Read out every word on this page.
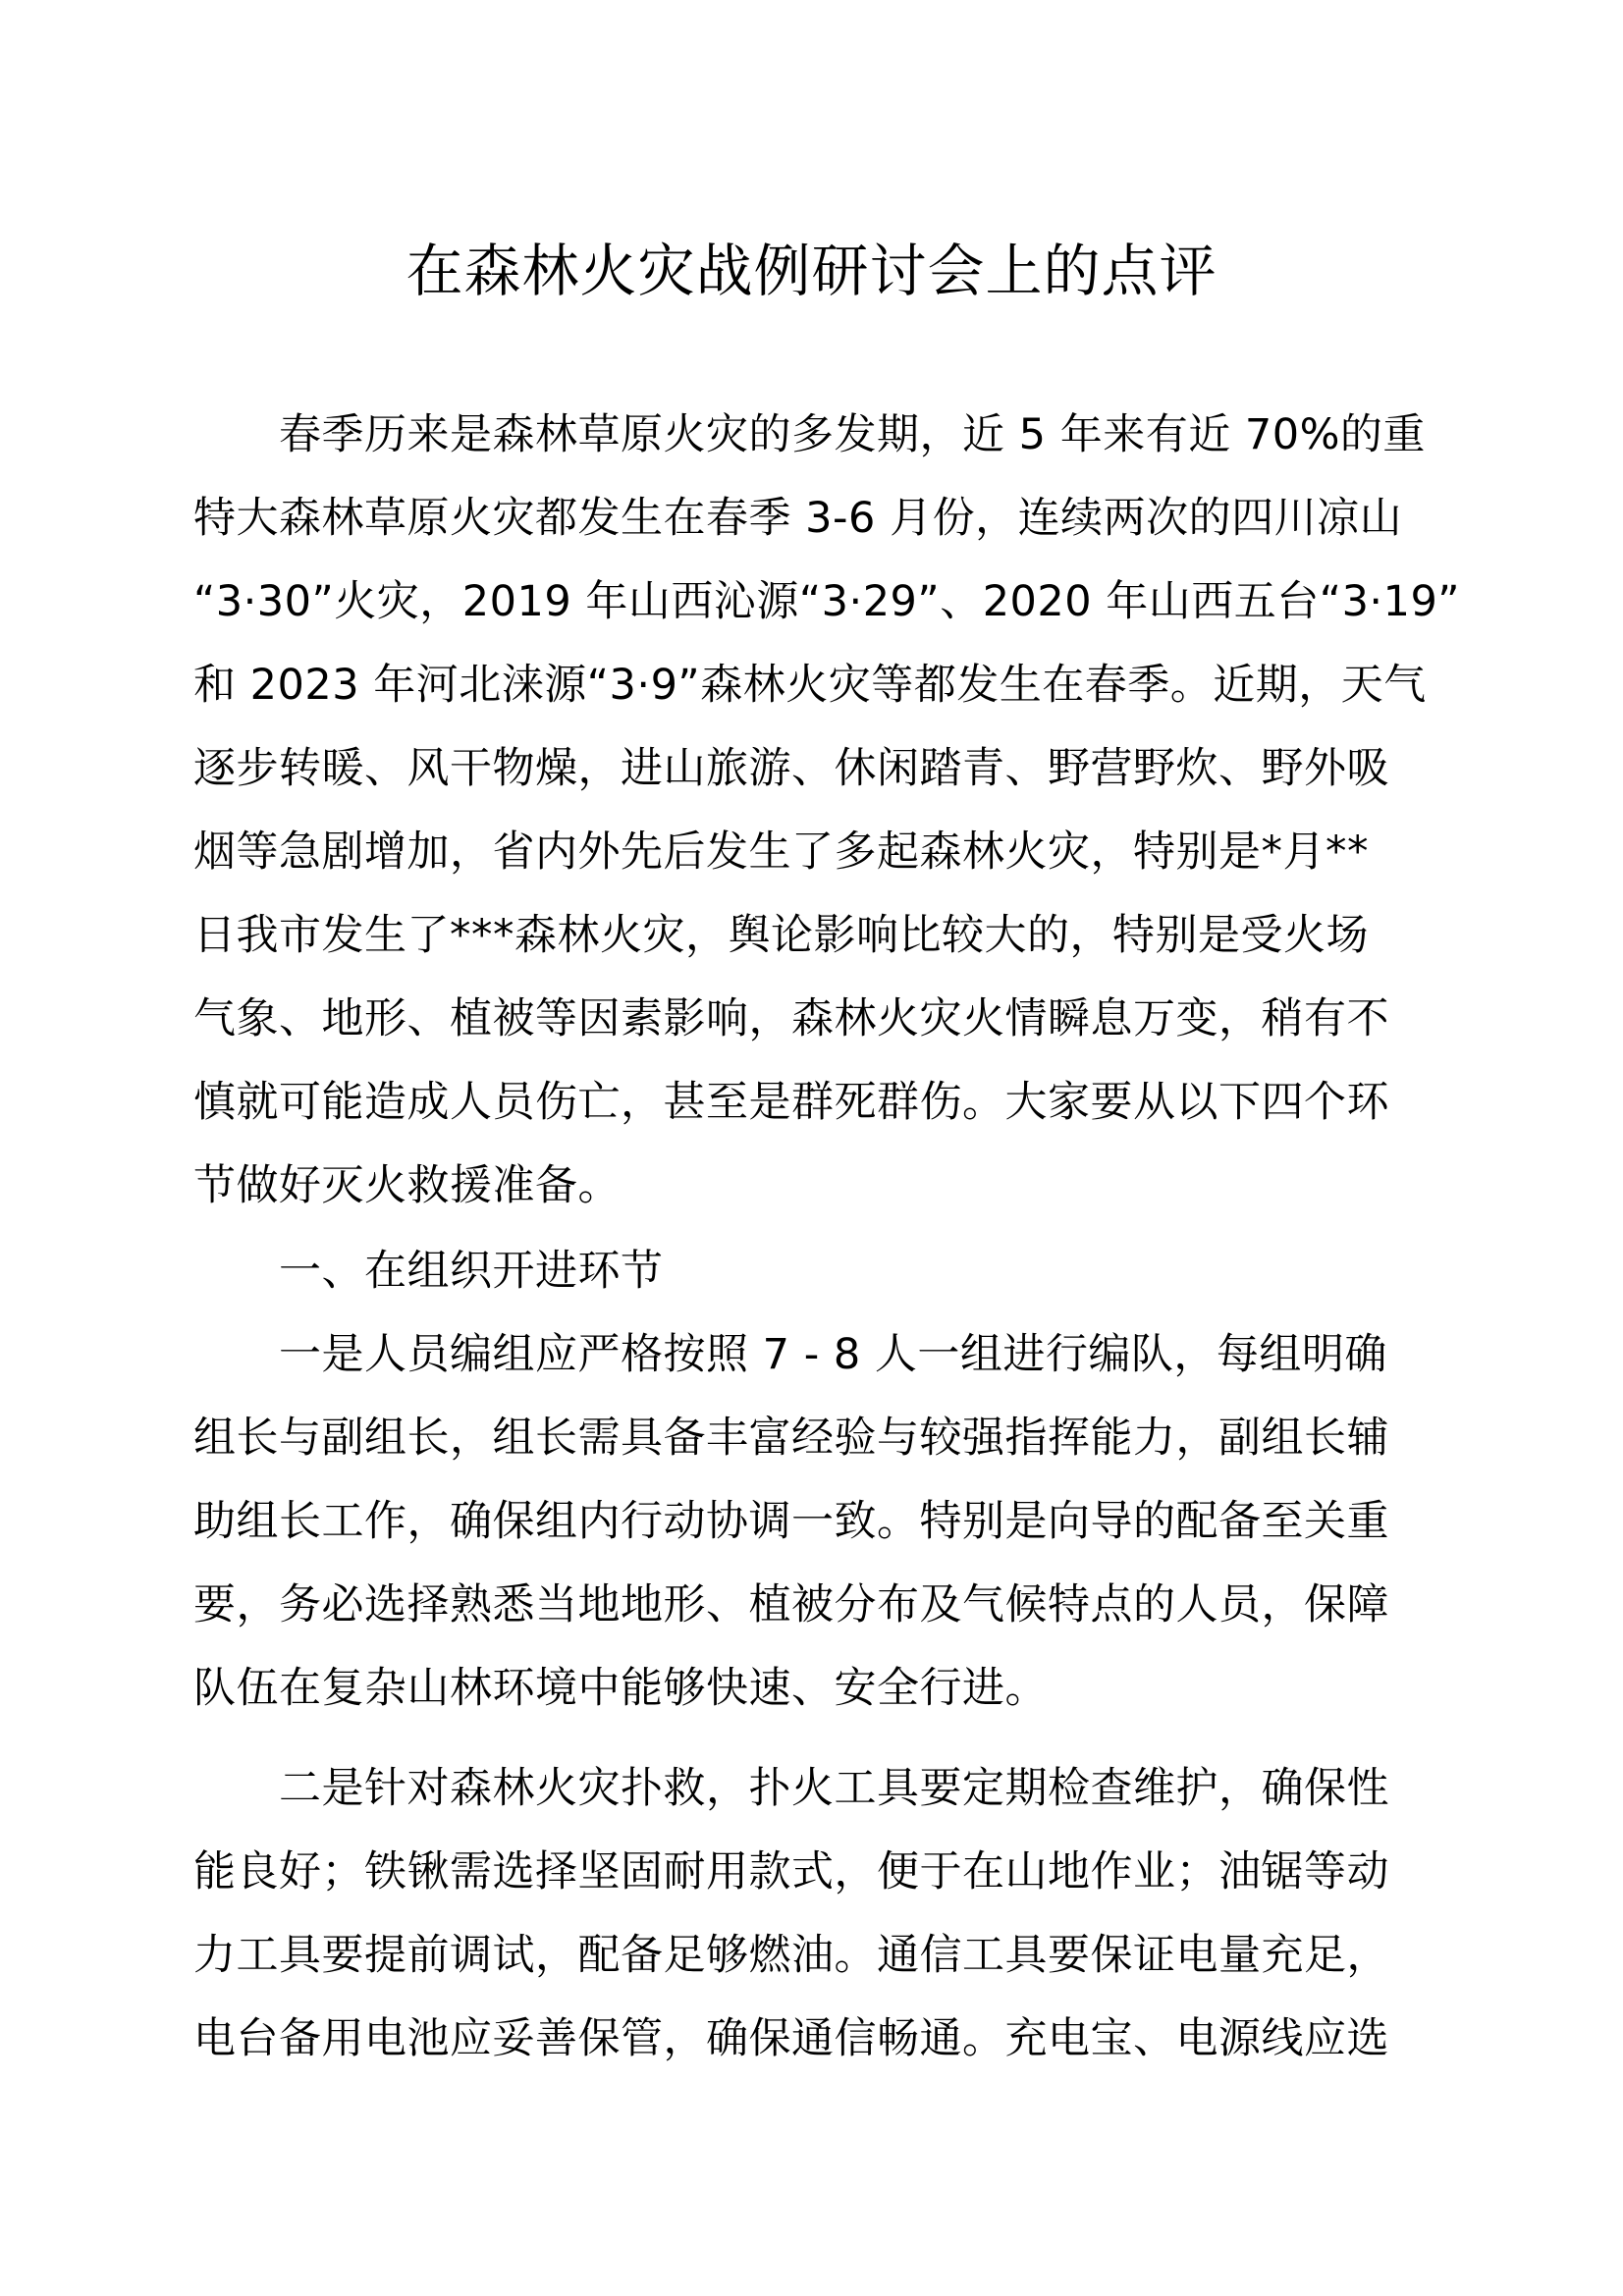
在森林火灾战例研讨会上的点评
春季历来是森林草原火灾的多发期，近 5 年来有近 70%的重
特大森林草原火灾都发生在春季 3-6 月份，连续两次的四川凉山
“3·30”火灾，2019 年山西沁源“3·29”、2020 年山西五台“3·19”
和 2023 年河北涞源“3·9”森林火灾等都发生在春季。近期，天气
逐步转暖、风干物燥，进山旅游、休闲踏青、野营野炊、野外吸
烟等急剧增加，省内外先后发生了多起森林火灾，特别是*月**
日我市发生了***森林火灾，舆论影响比较大的，特别是受火场
气象、地形、植被等因素影响，森林火灾火情瞬息万变，稍有不
慎就可能造成人员伤亡，甚至是群死群伤。大家要从以下四个环
节做好灭火救援准备。
一、在组织开进环节
一是人员编组应严格按照 7 - 8 人一组进行编队，每组明确
组长与副组长，组长需具备丰富经验与较强指挥能力，副组长辅
助组长工作，确保组内行动协调一致。特别是向导的配备至关重
要，务必选择熟悉当地地形、植被分布及气候特点的人员，保障
队伍在复杂山林环境中能够快速、安全行进。
二是针对森林火灾扑救，扑火工具要定期检查维护，确保性
能良好；铁锹需选择坚固耐用款式，便于在山地作业；油锯等动
力工具要提前调试，配备足够燃油。通信工具要保证电量充足，
电台备用电池应妥善保管，确保通信畅通。充电宝、电源线应选
